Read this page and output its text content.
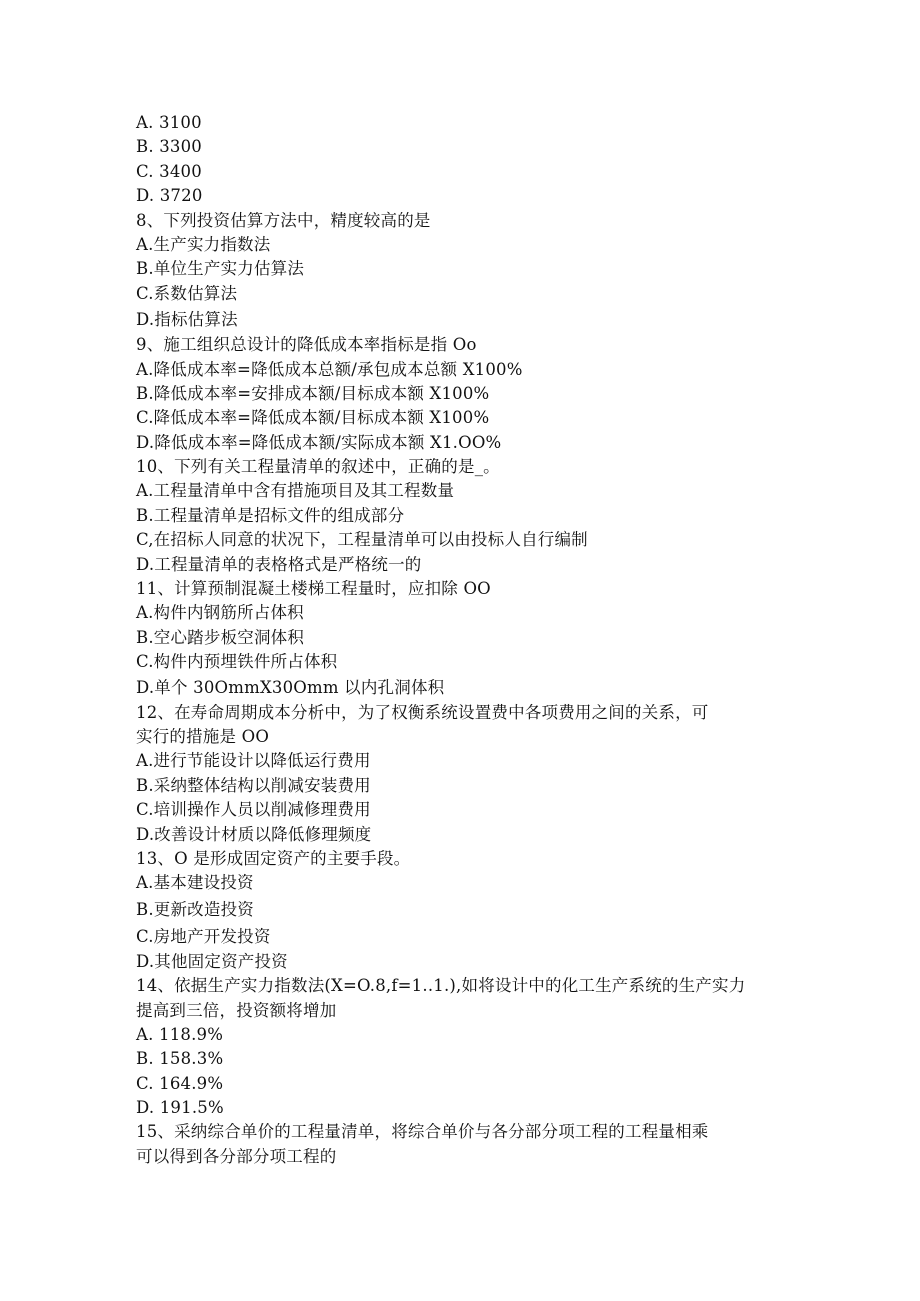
A. 3100
B. 3300
C. 3400
D. 3720
8、下列投资估算方法中，精度较高的是
A.生产实力指数法
B.单位生产实力估算法
C.系数估算法
D.指标估算法
9、施工组织总设计的降低成本率指标是指 Oo
A.降低成本率=降低成本总额/承包成本总额 X100%
B.降低成本率=安排成本额/目标成本额 X100%
C.降低成本率=降低成本额/目标成本额 X100%
D.降低成本率=降低成本额/实际成本额 X1.OO%
10、下列有关工程量清单的叙述中，正确的是_。
A.工程量清单中含有措施项目及其工程数量
B.工程量清单是招标文件的组成部分
C,在招标人同意的状况下，工程量清单可以由投标人自行编制
D.工程量清单的表格格式是严格统一的
11、计算预制混凝土楼梯工程量时，应扣除 OO
A.构件内钢筋所占体积
B.空心踏步板空洞体积
C.构件内预埋铁件所占体积
D.单个 30OmmX30Omm 以内孔洞体积
12、在寿命周期成本分析中，为了权衡系统设置费中各项费用之间的关系，可
实行的措施是 OO
A.进行节能设计以降低运行费用
B.采纳整体结构以削减安装费用
C.培训操作人员以削减修理费用
D.改善设计材质以降低修理频度
13、O 是形成固定资产的主要手段。
A.基本建设投资
B.更新改造投资
C.房地产开发投资
D.其他固定资产投资
14、依据生产实力指数法(X=O.8,f=1..1.),如将设计中的化工生产系统的生产实力
提高到三倍，投资额将增加
A. 118.9%
B. 158.3%
C. 164.9%
D. 191.5%
15、采纳综合单价的工程量清单，将综合单价与各分部分项工程的工程量相乘
可以得到各分部分项工程的
